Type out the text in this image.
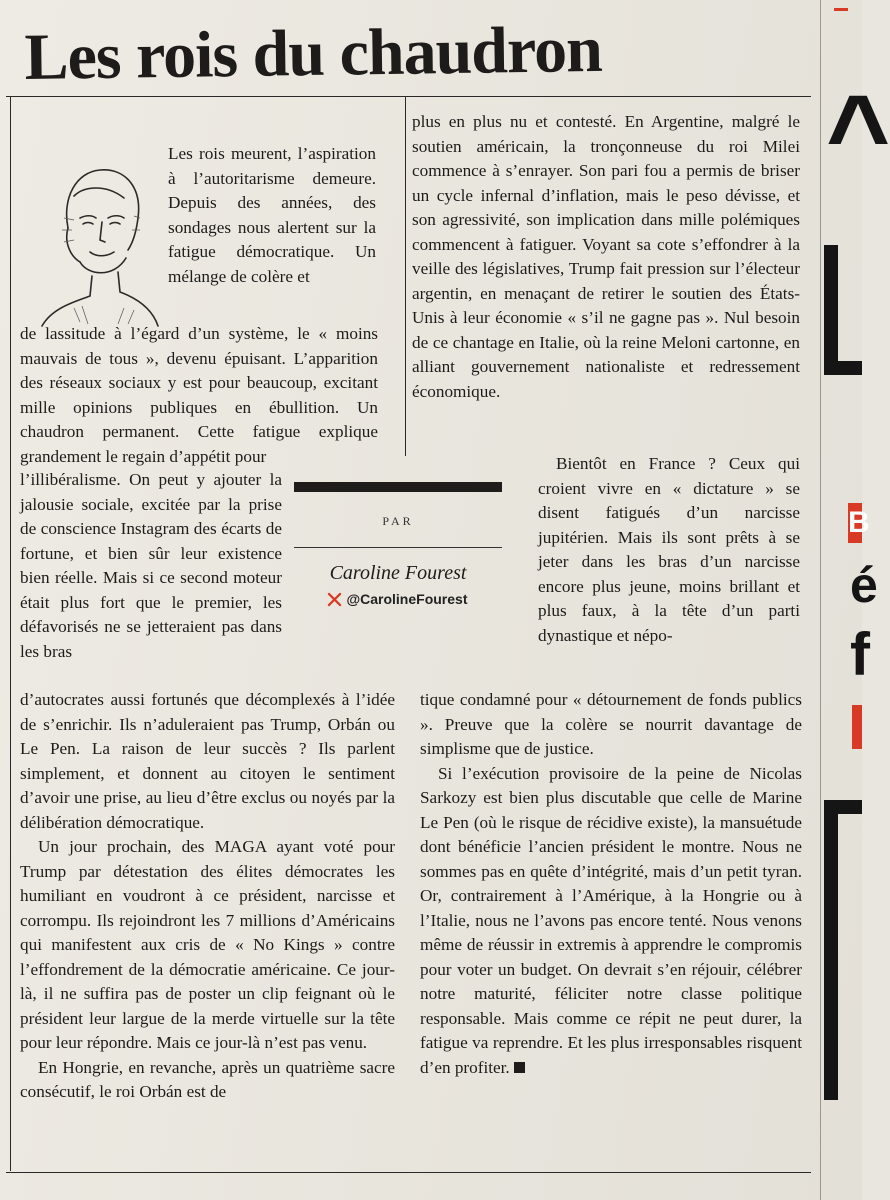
Les rois du chaudron

Les rois meurent, l’aspiration à l’autoritarisme demeure. Depuis des années, des sondages nous alertent sur la fatigue démocratique. Un mélange de colère et

de lassitude à l’égard d’un système, le « moins mauvais de tous », devenu épuisant. L’apparition des réseaux sociaux y est pour beaucoup, excitant mille opinions publiques en ébullition. Un chaudron permanent. Cette fatigue explique grandement le regain d’appétit pour

l’illibéralisme. On peut y ajouter la jalousie sociale, excitée par la prise de conscience Instagram des écarts de fortune, et bien sûr leur existence bien réelle. Mais si ce second moteur était plus fort que le premier, les défavorisés ne se jetteraient pas dans les bras

d’autocrates aussi fortunés que décomplexés à l’idée de s’enrichir. Ils n’aduleraient pas Trump, Orbán ou Le Pen. La raison de leur succès ? Ils parlent simplement, et donnent au citoyen le sentiment d’avoir une prise, au lieu d’être exclus ou noyés par la délibération démocratique.

Un jour prochain, des MAGA ayant voté pour Trump par détestation des élites démocrates les humiliant en voudront à ce président, narcisse et corrompu. Ils rejoindront les 7 millions d’Américains qui manifestent aux cris de « No Kings » contre l’effondrement de la démocratie américaine. Ce jour-là, il ne suffira pas de poster un clip feignant où le président leur largue de la merde virtuelle sur la tête pour leur répondre. Mais ce jour-là n’est pas venu.

En Hongrie, en revanche, après un quatrième sacre consécutif, le roi Orbán est de

plus en plus nu et contesté. En Argentine, malgré le soutien américain, la tronçonneuse du roi Milei commence à s’enrayer. Son pari fou a permis de briser un cycle infernal d’inflation, mais le peso dévisse, et son agressivité, son implication dans mille polémiques commencent à fatiguer. Voyant sa cote s’effondrer à la veille des législatives, Trump fait pression sur l’électeur argentin, en menaçant de retirer le soutien des États-Unis à leur économie « s’il ne gagne pas ». Nul besoin de ce chantage en Italie, où la reine Meloni cartonne, en alliant gouvernement nationaliste et redressement économique.

Bientôt en France ? Ceux qui croient vivre en « dictature » se disent fatigués d’un narcisse jupitérien. Mais ils sont prêts à se jeter dans les bras d’un narcisse encore plus jeune, moins brillant et plus faux, à la tête d’un parti dynastique et népo-

tique condamné pour « détournement de fonds publics ». Preuve que la colère se nourrit davantage de simplisme que de justice.

Si l’exécution provisoire de la peine de Nicolas Sarkozy est bien plus discutable que celle de Marine Le Pen (où le risque de récidive existe), la mansuétude dont bénéficie l’ancien président le montre. Nous ne sommes pas en quête d’intégrité, mais d’un petit tyran. Or, contrairement à l’Amérique, à la Hongrie ou à l’Italie, nous ne l’avons pas encore tenté. Nous venons même de réussir in extremis à apprendre le compromis pour voter un budget. On devrait s’en réjouir, célébrer notre maturité, féliciter notre classe politique responsable. Mais comme ce répit ne peut durer, la fatigue va reprendre. Et les plus irresponsables risquent d’en profiter.

PAR
Caroline Fourest
@CarolineFourest
^
B
é
f
